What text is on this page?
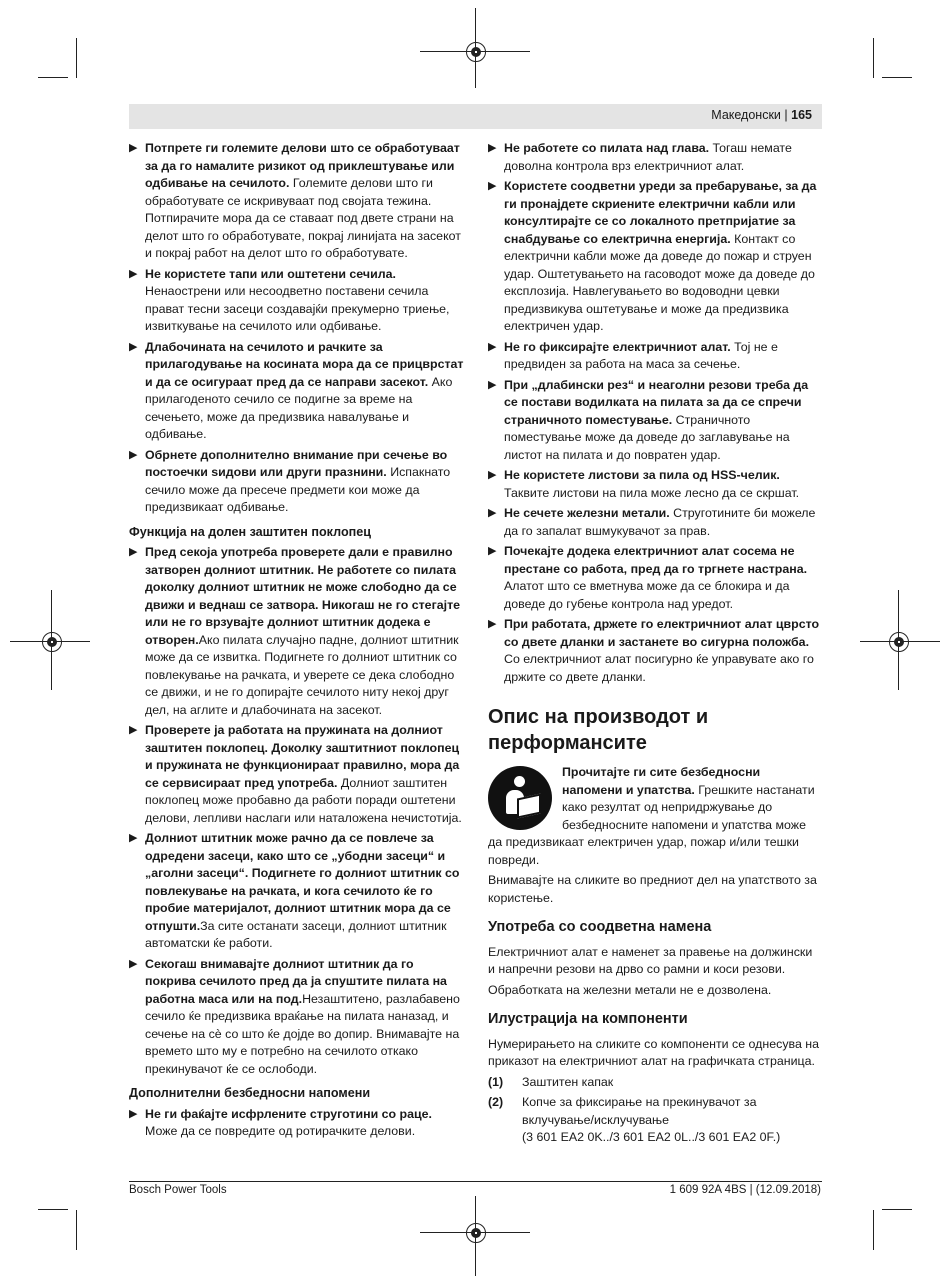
Македонски | 165
▶ Потпрете ги големите делови што се обработуваат за да го намалите ризикот од приклештување или одбивање на сечилото. Големите делови што ги обработувате се искривуваат под својата тежина. Потпирачите мора да се ставаат под двете страни на делот што го обработувате, покрај линијата на засекот и покрај работ на делот што го обработувате.
▶ Не користете тапи или оштетени сечила. Ненаострени или несоодветно поставени сечила прават тесни засеци создавајќи прекумерно триење, извиткување на сечилото или одбивање.
▶ Длабочината на сечилото и рачките за прилагодување на косината мора да се прицврстат и да се осигураат пред да се направи засекот. Ако прилагоденото сечило се подигне за време на сечењето, може да предизвика навалување и одбивање.
▶ Обрнете дополнително внимание при сечење во постоечки ѕидови или други празнини. Испакнато сечило може да пресече предмети кои може да предизвикаат одбивање.
Функција на долен заштитен поклопец
▶ Пред секоја употреба проверете дали е правилно затворен долниот штитник. Не работете со пилата доколку долниот штитник не може слободно да се движи и веднаш се затвора. Никогаш не го стегајте или не го врзувајте долниот штитник додека е отворен.Ако пилата случајно падне, долниот штитник може да се извитка. Подигнете го долниот штитник со повлекување на рачката, и уверете се дека слободно се движи, и не го допирајте сечилото ниту некој друг дел, на аглите и длабочината на засекот.
▶ Проверете ја работата на пружината на долниот заштитен поклопец. Доколку заштитниот поклопец и пружината не функционираат правилно, мора да се сервисираат пред употреба. Долниот заштитен поклопец може пробавно да работи поради оштетени делови, лепливи наслаги или наталожена нечистотија.
▶ Долниот штитник може рачно да се повлече за одредени засеци, како што се „убодни засеци“ и „аголни засеци“. Подигнете го долниот штитник со повлекување на рачката, и кога сечилото ќе го пробие материјалот, долниот штитник мора да се отпушти.За сите останати засеци, долниот штитник автоматски ќе работи.
▶ Секогаш внимавајте долниот штитник да го покрива сечилото пред да ја спуштите пилата на работна маса или на под.Незаштитено, разлабавено сечило ќе предизвика враќање на пилата наназад, и сечење на сè со што ќе дојде во допир. Внимавајте на времето што му е потребно на сечилото откако прекинувачот ќе се ослободи.
Дополнителни безбедносни напомени
▶ Не ги фаќајте исфрлените струготини со раце. Може да се повредите од ротирачките делови.
▶ Не работете со пилата над глава. Тогаш немате доволна контрола врз електричниот алат.
▶ Користете соодветни уреди за пребарување, за да ги пронајдете скриените електрични кабли или консултирајте се со локалното претпријатие за снабдување со електрична енергија. Контакт со електрични кабли може да доведе до пожар и струен удар. Оштетувањето на гасоводот може да доведе до експлозија. Навлегувањето во водоводни цевки предизвикува оштетување и може да предизвика електричен удар.
▶ Не го фиксирајте електричниот алат. Тој не е предвиден за работа на маса за сечење.
▶ При „длабински рез“ и неаголни резови треба да се постави водилката на пилата за да се спречи страничното поместување. Страничното поместување може да доведе до заглавување на листот на пилата и до повратен удар.
▶ Не користете листови за пила од HSS-челик. Таквите листови на пила може лесно да се скршат.
▶ Не сечете железни метали. Струготините би можеле да го запалат вшмукувачот за прав.
▶ Почекајте додека електричниот алат сосема не престане со работа, пред да го тргнете настрана. Алатот што се вметнува може да се блокира и да доведе до губење контрола над уредот.
▶ При работата, држете го електричниот алат цврсто со двете дланки и застанете во сигурна положба. Со електричниот алат посигурно ќе управувате ако го држите со двете дланки.
Опис на производот и перформансите
Прочитајте ги сите безбедносни напомени и упатства. Грешките настанати како резултат од непридржување до безбедносните напомени и упатства може да предизвикаат електричен удар, пожар и/или тешки повреди.
Внимавајте на сликите во предниот дел на упатството за користење.
Употреба со соодветна намена
Електричниот алат е наменет за правење на должински и напречни резови на дрво со рамни и коси резови.
Обработката на железни метали не е дозволена.
Илустрација на компоненти
Нумерирањето на сликите со компоненти се однесува на приказот на електричниот алат на графичката страница.
(1)	Заштитен капак
(2)	Копче за фиксирање на прекинувачот за вклучување/исклучување
(3 601 EA2 0K../3 601 EA2 0L../3 601 EA2 0F.)
Bosch Power Tools	1 609 92A 4BS | (12.09.2018)
